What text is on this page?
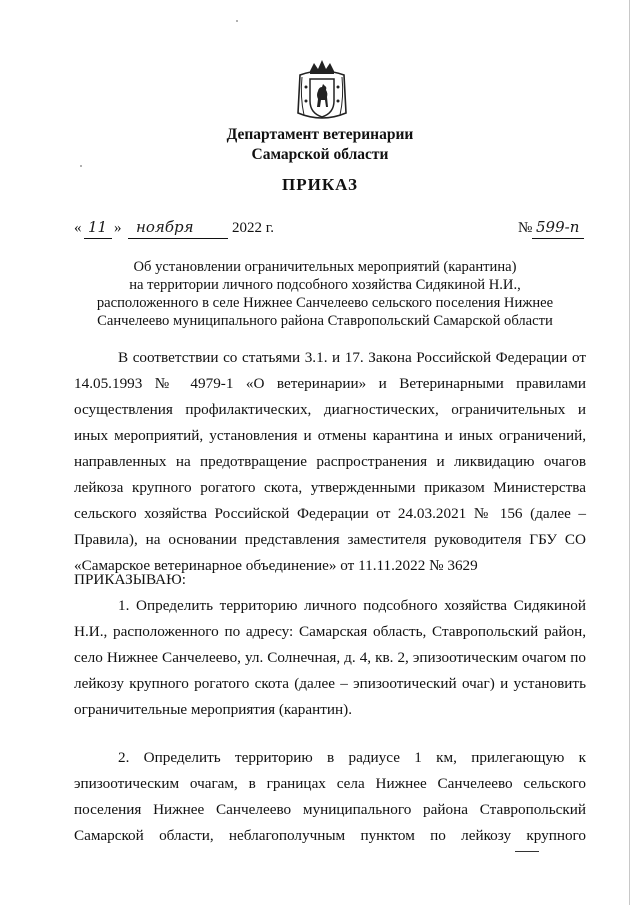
Департамент ветеринарии
Самарской области
ПРИКАЗ
« 11 » ноября	2022 г.	№ 599-п
Об установлении ограничительных мероприятий (карантина)
на территории личного подсобного хозяйства Сидякиной Н.И.,
расположенного в селе Нижнее Санчелеево сельского поселения Нижнее
Санчелеево муниципального района Ставропольский Самарской области
В соответствии со статьями 3.1. и 17. Закона Российской Федерации от 14.05.1993 № 4979-1 «О ветеринарии» и Ветеринарными правилами осуществления профилактических, диагностических, ограничительных и иных мероприятий, установления и отмены карантина и иных ограничений, направленных на предотвращение распространения и ликвидацию очагов лейкоза крупного рогатого скота, утвержденными приказом Министерства сельского хозяйства Российской Федерации от 24.03.2021 № 156 (далее – Правила), на основании представления заместителя руководителя ГБУ СО «Самарское ветеринарное объединение» от 11.11.2022 № 3629
ПРИКАЗЫВАЮ:
1. Определить территорию личного подсобного хозяйства Сидякиной Н.И., расположенного по адресу: Самарская область, Ставропольский район, село Нижнее Санчелеево, ул. Солнечная, д. 4, кв. 2, эпизоотическим очагом по лейкозу крупного рогатого скота (далее – эпизоотический очаг) и установить ограничительные мероприятия (карантин).
2. Определить территорию в радиусе 1 км, прилегающую к эпизоотическим очагам, в границах села Нижнее Санчелеево сельского поселения Нижнее Санчелеево муниципального района Ставропольский Самарской области, неблагополучным пунктом по лейкозу крупного
